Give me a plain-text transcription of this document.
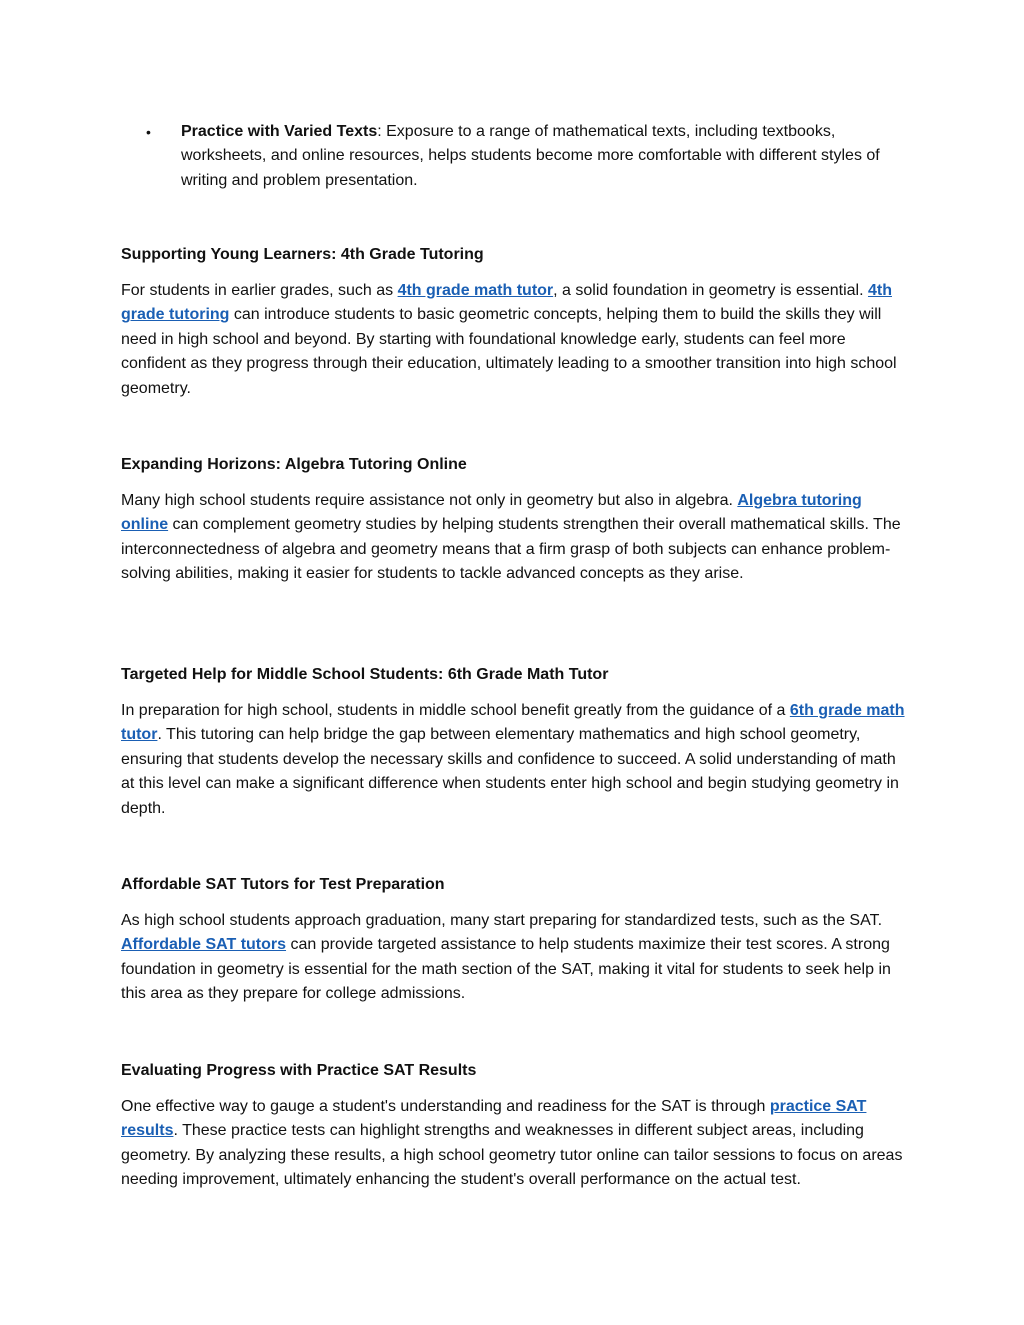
• Practice with Varied Texts: Exposure to a range of mathematical texts, including textbooks, worksheets, and online resources, helps students become more comfortable with different styles of writing and problem presentation.

Supporting Young Learners: 4th Grade Tutoring

For students in earlier grades, such as 4th grade math tutor, a solid foundation in geometry is essential. 4th grade tutoring can introduce students to basic geometric concepts, helping them to build the skills they will need in high school and beyond. By starting with foundational knowledge early, students can feel more confident as they progress through their education, ultimately leading to a smoother transition into high school geometry.

Expanding Horizons: Algebra Tutoring Online

Many high school students require assistance not only in geometry but also in algebra. Algebra tutoring online can complement geometry studies by helping students strengthen their overall mathematical skills. The interconnectedness of algebra and geometry means that a firm grasp of both subjects can enhance problem-solving abilities, making it easier for students to tackle advanced concepts as they arise.

Targeted Help for Middle School Students: 6th Grade Math Tutor

In preparation for high school, students in middle school benefit greatly from the guidance of a 6th grade math tutor. This tutoring can help bridge the gap between elementary mathematics and high school geometry, ensuring that students develop the necessary skills and confidence to succeed. A solid understanding of math at this level can make a significant difference when students enter high school and begin studying geometry in depth.

Affordable SAT Tutors for Test Preparation

As high school students approach graduation, many start preparing for standardized tests, such as the SAT. Affordable SAT tutors can provide targeted assistance to help students maximize their test scores. A strong foundation in geometry is essential for the math section of the SAT, making it vital for students to seek help in this area as they prepare for college admissions.

Evaluating Progress with Practice SAT Results

One effective way to gauge a student's understanding and readiness for the SAT is through practice SAT results. These practice tests can highlight strengths and weaknesses in different subject areas, including geometry. By analyzing these results, a high school geometry tutor online can tailor sessions to focus on areas needing improvement, ultimately enhancing the student's overall performance on the actual test.
